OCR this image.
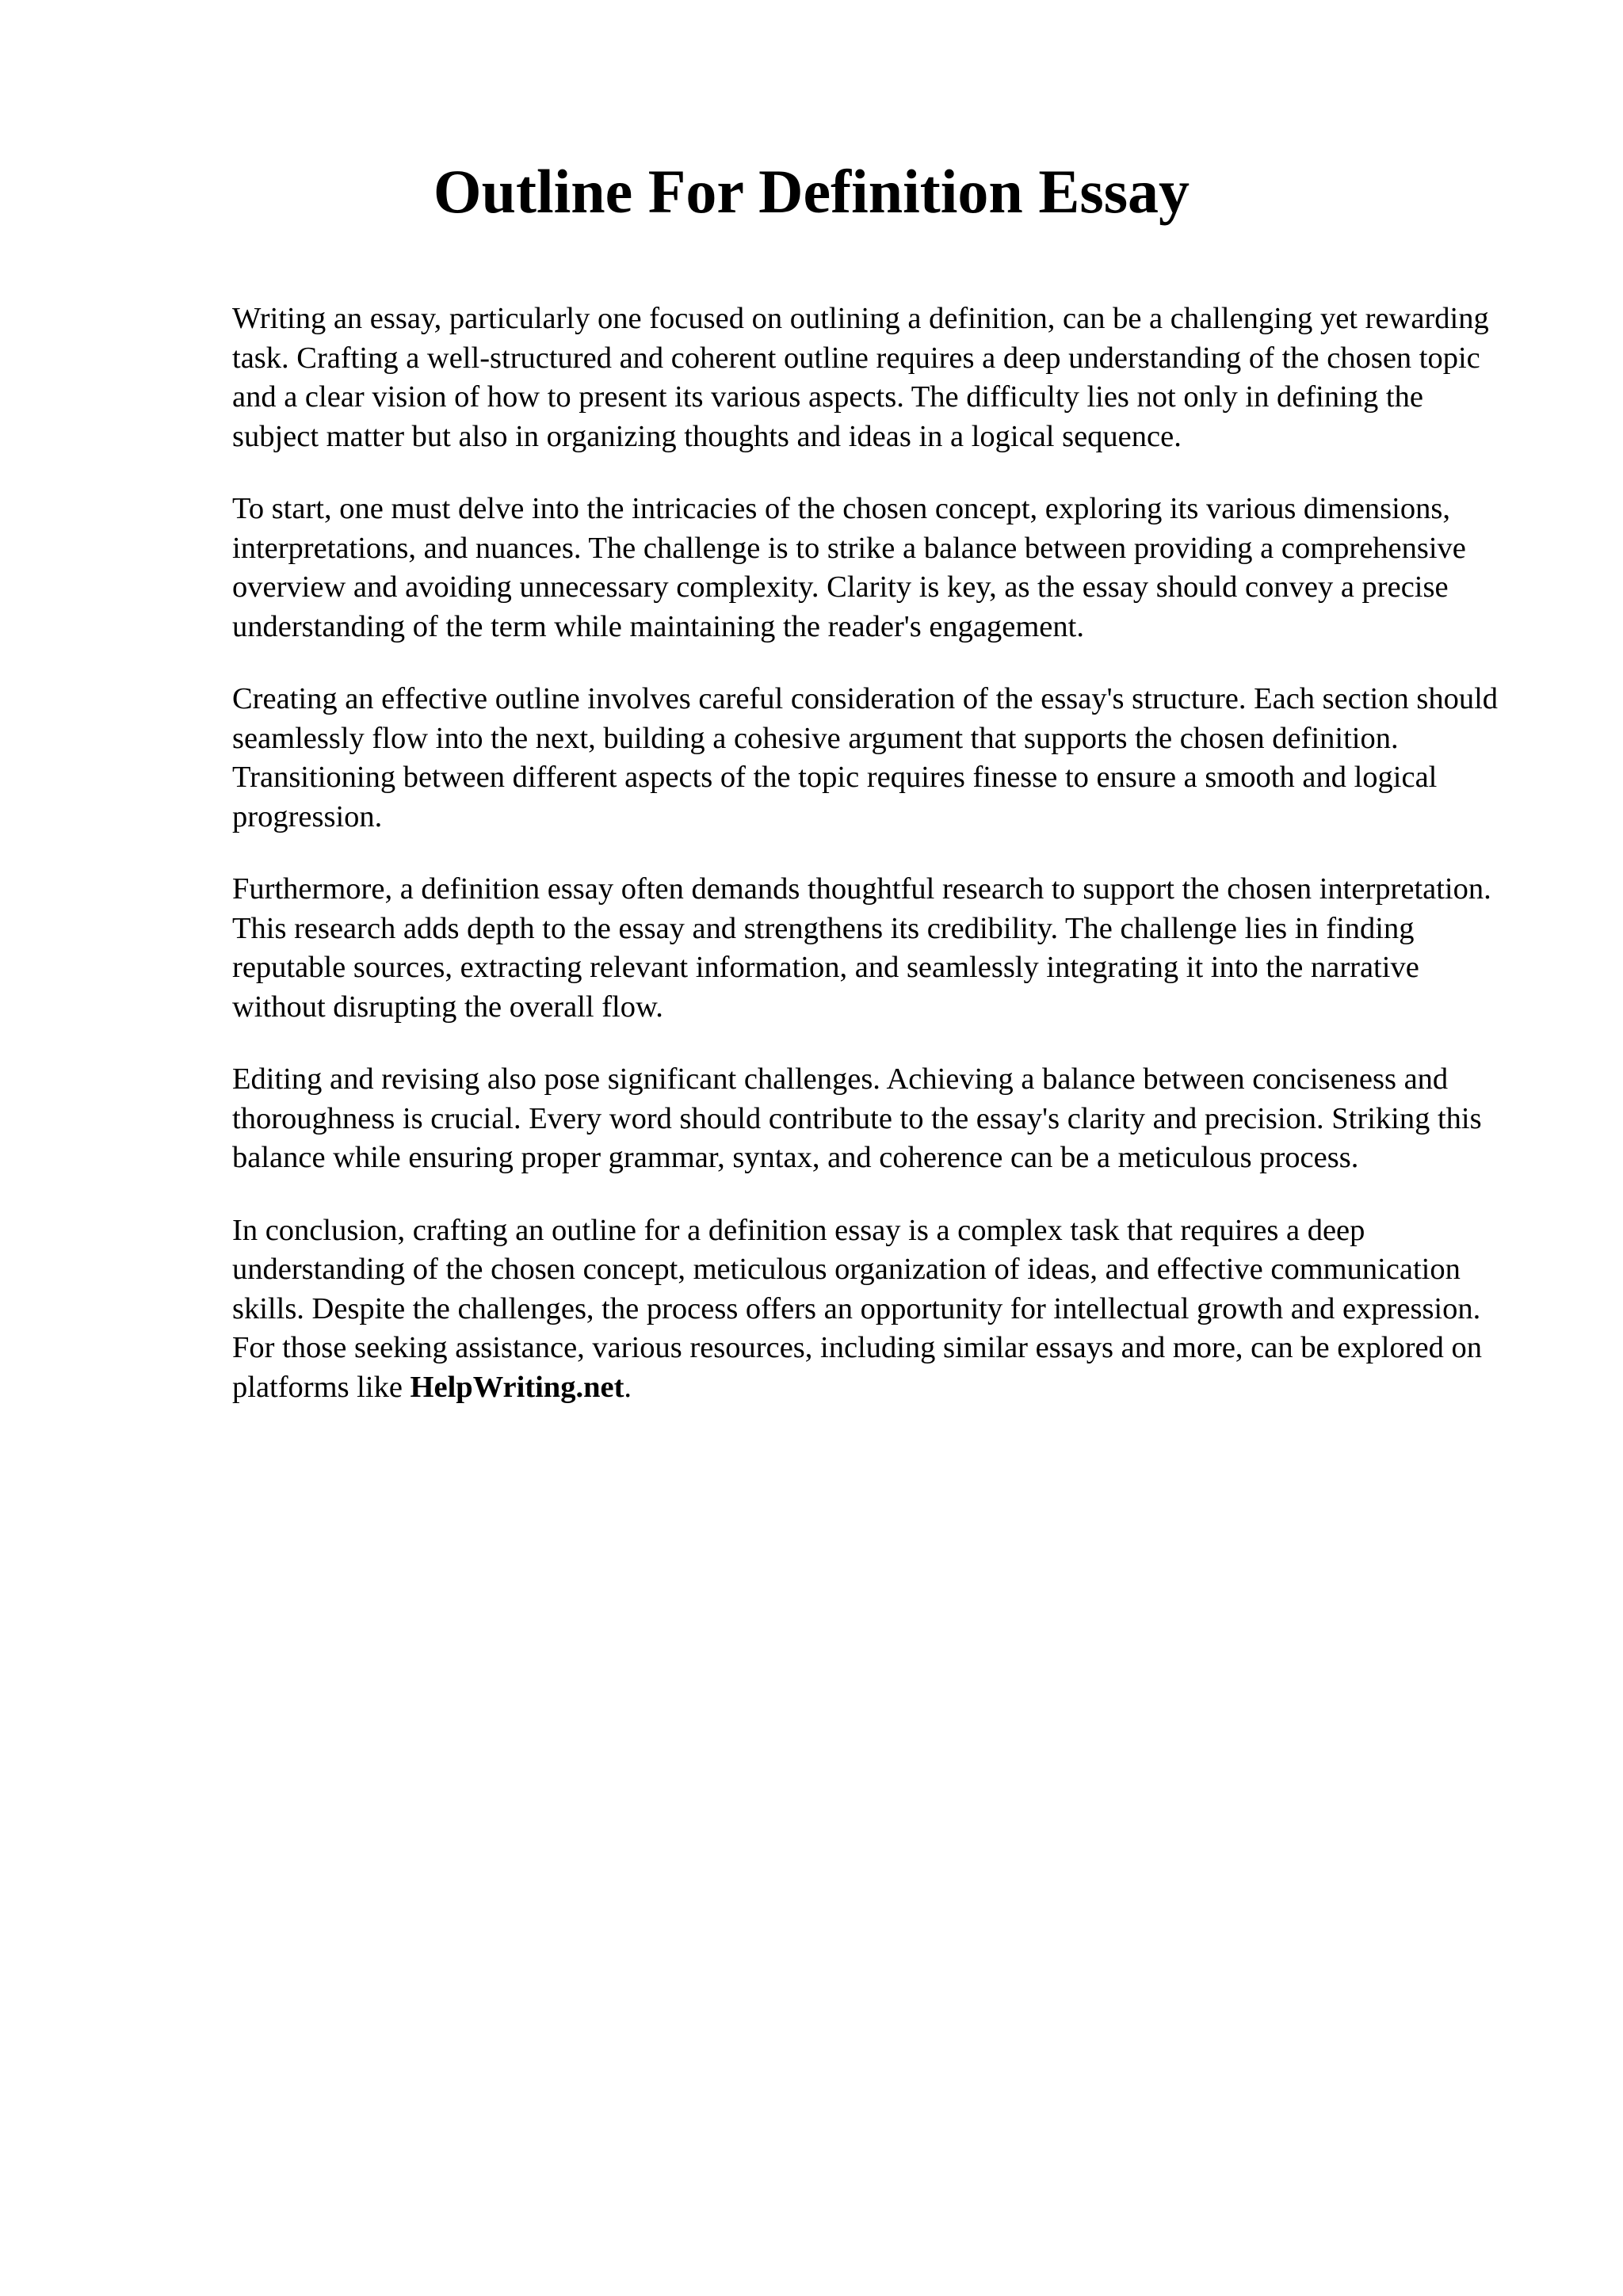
Outline For Definition Essay

Writing an essay, particularly one focused on outlining a definition, can be a challenging yet rewarding task. Crafting a well-structured and coherent outline requires a deep understanding of the chosen topic and a clear vision of how to present its various aspects. The difficulty lies not only in defining the subject matter but also in organizing thoughts and ideas in a logical sequence.

To start, one must delve into the intricacies of the chosen concept, exploring its various dimensions, interpretations, and nuances. The challenge is to strike a balance between providing a comprehensive overview and avoiding unnecessary complexity. Clarity is key, as the essay should convey a precise understanding of the term while maintaining the reader's engagement.

Creating an effective outline involves careful consideration of the essay's structure. Each section should seamlessly flow into the next, building a cohesive argument that supports the chosen definition. Transitioning between different aspects of the topic requires finesse to ensure a smooth and logical progression.

Furthermore, a definition essay often demands thoughtful research to support the chosen interpretation. This research adds depth to the essay and strengthens its credibility. The challenge lies in finding reputable sources, extracting relevant information, and seamlessly integrating it into the narrative without disrupting the overall flow.

Editing and revising also pose significant challenges. Achieving a balance between conciseness and thoroughness is crucial. Every word should contribute to the essay's clarity and precision. Striking this balance while ensuring proper grammar, syntax, and coherence can be a meticulous process.

In conclusion, crafting an outline for a definition essay is a complex task that requires a deep understanding of the chosen concept, meticulous organization of ideas, and effective communication skills. Despite the challenges, the process offers an opportunity for intellectual growth and expression. For those seeking assistance, various resources, including similar essays and more, can be explored on platforms like HelpWriting.net.
